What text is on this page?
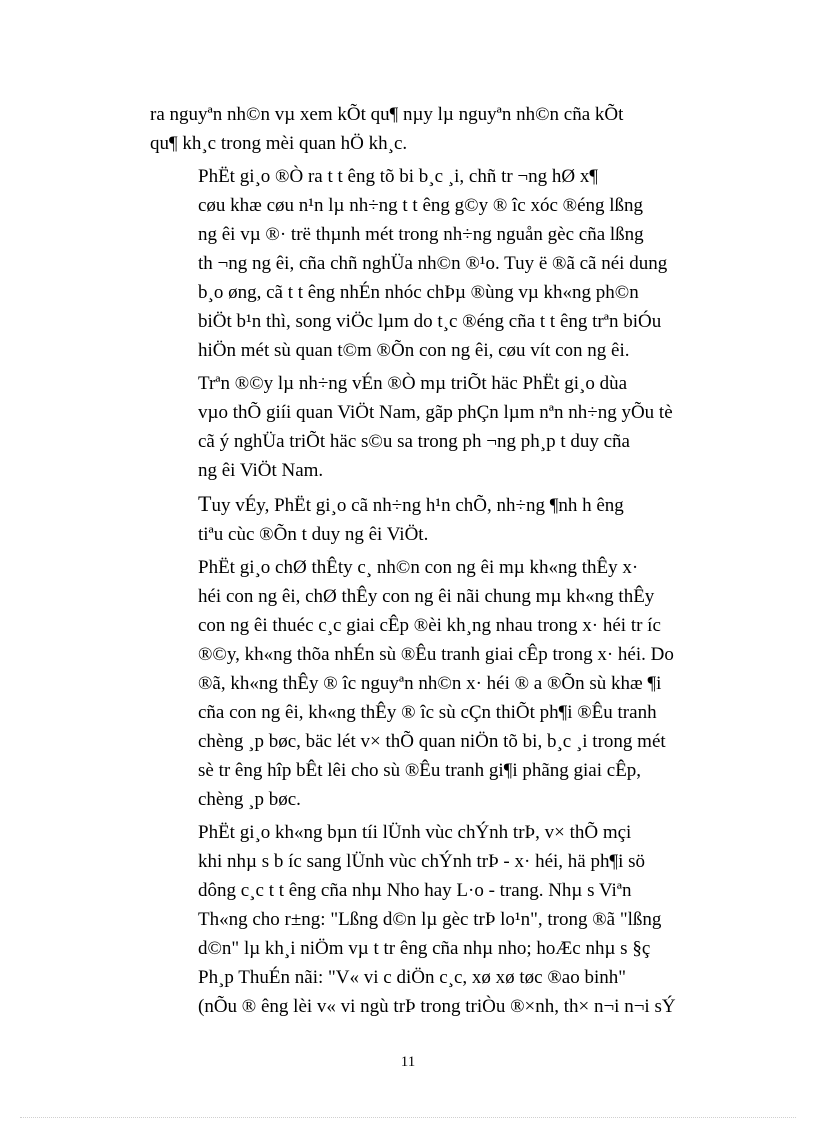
ra nguyªn nh©n vµ xem kÕt qu¶ nµy lµ nguyªn nh©n cña kÕt
qu¶ kh¸c trong mèi quan hÖ kh¸c.

PhËt gi¸o ®Ò ra t t êng tõ bi b¸c ¸i, chñ tr ¬ng hØ x¶
cøu khæ cøu n¹n lµ nh÷ng t t êng g©y ® îc xóc ®éng lßng
ng êi vµ ®· trë thµnh mét trong nh÷ng nguån gèc cña lßng
th ¬ng ng êi, cña chñ nghÜa nh©n ®¹o. Tuy ë ®ã cã néi dung
b¸o øng, cã t t êng nhÉn nhóc chÞµ ®ùng vµ kh«ng ph©n
biÖt b¹n thì, song viÖc lµm do t¸c ®éng cña t t êng trªn biÓu
hiÖn mét sù quan t©m ®Õn con ng êi, cøu vít con ng êi.

Trªn ®©y lµ nh÷ng vÉn ®Ò mµ triÕt häc PhËt gi¸o dùa
vµo thÕ giíi quan ViÖt Nam, gãp phÇn lµm nªn nh÷ng yÕu tè
cã ý nghÜa triÕt häc s©u sa trong ph ¬ng ph¸p t duy cña
ng êi ViÖt Nam.

Tuy vÉy, PhËt gi¸o cã nh÷ng h¹n chÕ, nh÷ng ¶nh h êng

tiªu cùc ®Õn t duy ng êi ViÖt.

PhËt gi¸o chØ thÊty c¸ nh©n con ng êi mµ kh«ng thÊy x·
héi con ng êi, chØ thÊy con ng êi nãi chung mµ kh«ng thÊy
con ng êi thuéc c¸c giai cÊp ®èi kh¸ng nhau trong x· héi tr íc
®©y, kh«ng thõa nhÉn sù ®Êu tranh giai cÊp trong x· héi. Do
®ã, kh«ng thÊy ® îc nguyªn nh©n x· héi ® a ®Õn sù khæ ¶i
cña con ng êi, kh«ng thÊy ® îc sù cÇn thiÕt ph¶i ®Êu tranh
chèng ¸p bøc, bäc lét v× thÕ quan niÖn tõ bi, b¸c ¸i trong mét
sè tr êng hîp bÊt lêi cho sù ®Êu tranh gi¶i phãng giai cÊp,
chèng ¸p bøc.

PhËt gi¸o kh«ng bµn tíi lÜnh vùc chÝnh trÞ, v× thÕ mçi
khi nhµ s b íc sang lÜnh vùc chÝnh trÞ - x· héi, hä ph¶i sö
dông c¸c t t êng cña nhµ Nho hay L·o - trang. Nhµ s Viªn
Th«ng cho r±ng: "Lßng d©n lµ gèc trÞ lo¹n", trong ®ã "lßng
d©n" lµ kh¸i niÖm vµ t tr êng cña nhµ nho; hoÆc nhµ s §ç
Ph¸p ThuÉn nãi: "V« vi c diÖn c¸c, xø xø tøc ®ao binh"
(nÕu ® êng lèi v« vi ngù trÞ trong triÒu ®×nh, th× n¬i n¬i sÝ

11
